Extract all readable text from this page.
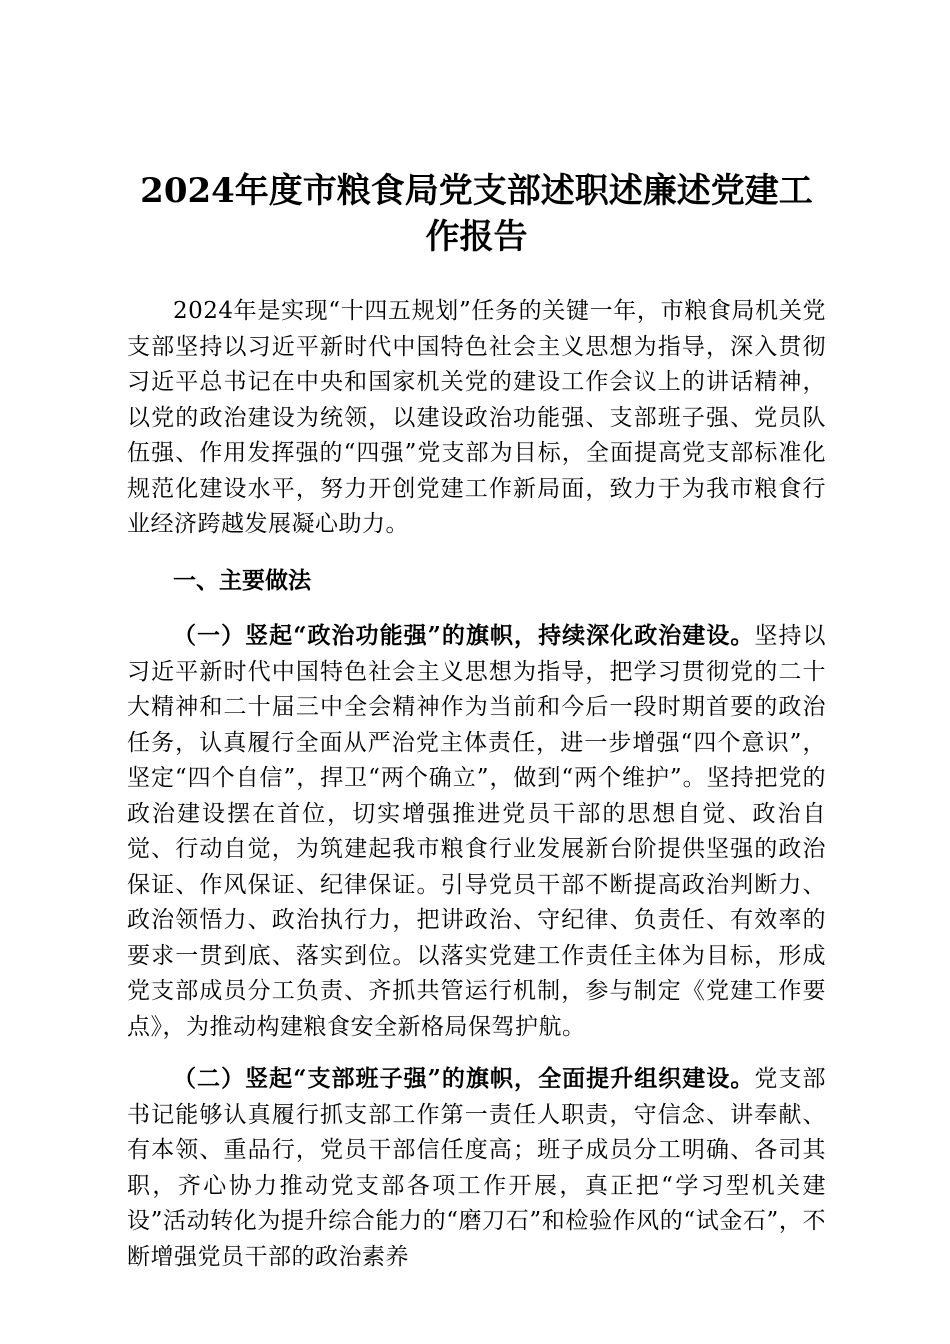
2024年度市粮食局党支部述职述廉述党建工
作报告

2024年是实现“十四五规划”任务的关键一年，市粮食局机关党支部坚持以习近平新时代中国特色社会主义思想为指导，深入贯彻习近平总书记在中央和国家机关党的建设工作会议上的讲话精神，以党的政治建设为统领，以建设政治功能强、支部班子强、党员队伍强、作用发挥强的“四强”党支部为目标，全面提高党支部标准化规范化建设水平，努力开创党建工作新局面，致力于为我市粮食行业经济跨越发展凝心助力。

一、主要做法

（一）竖起“政治功能强”的旗帜，持续深化政治建设。坚持以习近平新时代中国特色社会主义思想为指导，把学习贯彻党的二十大精神和二十届三中全会精神作为当前和今后一段时期首要的政治任务，认真履行全面从严治党主体责任，进一步增强“四个意识”，坚定“四个自信”，捍卫“两个确立”，做到“两个维护”。坚持把党的政治建设摆在首位，切实增强推进党员干部的思想自觉、政治自觉、行动自觉，为筑建起我市粮食行业发展新台阶提供坚强的政治保证、作风保证、纪律保证。引导党员干部不断提高政治判断力、政治领悟力、政治执行力，把讲政治、守纪律、负责任、有效率的要求一贯到底、落实到位。以落实党建工作责任主体为目标，形成党支部成员分工负责、齐抓共管运行机制，参与制定《党建工作要点》，为推动构建粮食安全新格局保驾护航。

（二）竖起“支部班子强”的旗帜，全面提升组织建设。党支部书记能够认真履行抓支部工作第一责任人职责，守信念、讲奉献、有本领、重品行，党员干部信任度高；班子成员分工明确、各司其职，齐心协力推动党支部各项工作开展，真正把“学习型机关建设”活动转化为提升综合能力的“磨刀石”和检验作风的“试金石”，不断增强党员干部的政治素养
